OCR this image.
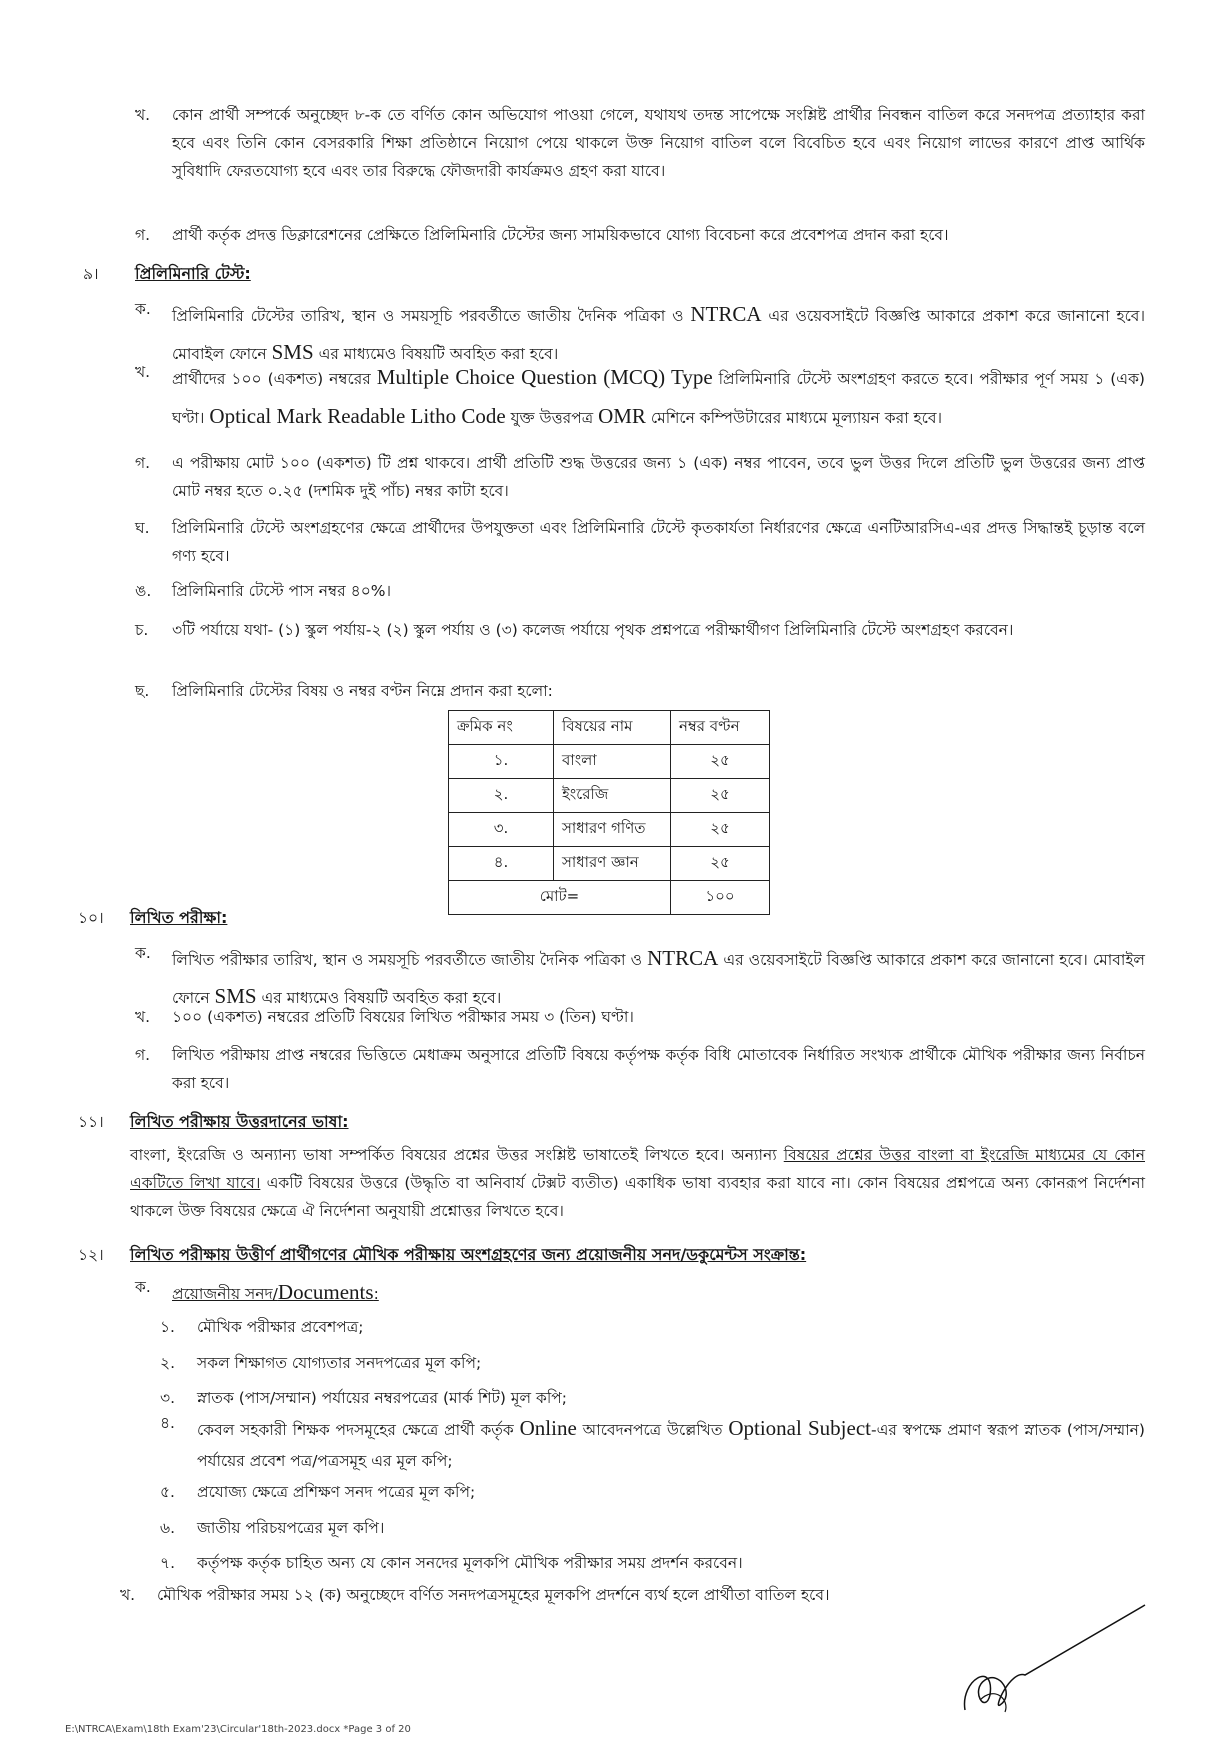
খ. কোন প্রার্থী সম্পর্কে অনুচ্ছেদ ৮-ক তে বর্ণিত কোন অভিযোগ পাওয়া গেলে, যথাযথ তদন্ত সাপেক্ষে সংশ্লিষ্ট প্রার্থীর নিবন্ধন বাতিল করে সনদপত্র প্রত্যাহার করা হবে এবং তিনি কোন বেসরকারি শিক্ষা প্রতিষ্ঠানে নিয়োগ পেয়ে থাকলে উক্ত নিয়োগ বাতিল বলে বিবেচিত হবে এবং নিয়োগ লাভের কারণে প্রাপ্ত আর্থিক সুবিধাদি ফেরতযোগ্য হবে এবং তার বিরুদ্ধে ফৌজদারী কার্যক্রমও গ্রহণ করা যাবে।
গ. প্রার্থী কর্তৃক প্রদত্ত ডিক্লারেশনের প্রেক্ষিতে প্রিলিমিনারি টেস্টের জন্য সাময়িকভাবে যোগ্য বিবেচনা করে প্রবেশপত্র প্রদান করা হবে।
৯। প্রিলিমিনারি টেস্ট:
ক. প্রিলিমিনারি টেস্টের তারিখ, স্থান ও সময়সূচি পরবর্তীতে জাতীয় দৈনিক পত্রিকা ও NTRCA এর ওয়েবসাইটে বিজ্ঞপ্তি আকারে প্রকাশ করে জানানো হবে। মোবাইল ফোনে SMS এর মাধ্যমেও বিষয়টি অবহিত করা হবে।
খ. প্রার্থীদের ১০০ (একশত) নম্বরের Multiple Choice Question (MCQ) Type প্রিলিমিনারি টেস্টে অংশগ্রহণ করতে হবে। পরীক্ষার পূর্ণ সময় ১ (এক) ঘণ্টা। Optical Mark Readable Litho Code যুক্ত উত্তরপত্র OMR মেশিনে কম্পিউটারের মাধ্যমে মূল্যায়ন করা হবে।
গ. এ পরীক্ষায় মোট ১০০ (একশত) টি প্রশ্ন থাকবে। প্রার্থী প্রতিটি শুদ্ধ উত্তরের জন্য ১ (এক) নম্বর পাবেন, তবে ভুল উত্তর দিলে প্রতিটি ভুল উত্তরের জন্য প্রাপ্ত মোট নম্বর হতে ০.২৫ (দশমিক দুই পাঁচ) নম্বর কাটা হবে।
ঘ. প্রিলিমিনারি টেস্টে অংশগ্রহণের ক্ষেত্রে প্রার্থীদের উপযুক্ততা এবং প্রিলিমিনারি টেস্টে কৃতকার্যতা নির্ধারণের ক্ষেত্রে এনটিআরসিএ-এর প্রদত্ত সিদ্ধান্তই চূড়ান্ত বলে গণ্য হবে।
ঙ. প্রিলিমিনারি টেস্টে পাস নম্বর ৪০%।
চ. ৩টি পর্যায়ে যথা- (১) স্কুল পর্যায়-২ (২) স্কুল পর্যায় ও (৩) কলেজ পর্যায়ে পৃথক প্রশ্নপত্রে পরীক্ষার্থীগণ প্রিলিমিনারি টেস্টে অংশগ্রহণ করবেন।
ছ. প্রিলিমিনারি টেস্টের বিষয় ও নম্বর বণ্টন নিম্নে প্রদান করা হলো:
ক্রমিক নং	বিষয়ের নাম	নম্বর বণ্টন
১.	বাংলা	২৫
২.	ইংরেজি	২৫
৩.	সাধারণ গণিত	২৫
৪.	সাধারণ জ্ঞান	২৫
মোট=		১০০
১০। লিখিত পরীক্ষা:
ক. লিখিত পরীক্ষার তারিখ, স্থান ও সময়সূচি পরবর্তীতে জাতীয় দৈনিক পত্রিকা ও NTRCA এর ওয়েবসাইটে বিজ্ঞপ্তি আকারে প্রকাশ করে জানানো হবে। মোবাইল ফোনে SMS এর মাধ্যমেও বিষয়টি অবহিত করা হবে।
খ. ১০০ (একশত) নম্বরের প্রতিটি বিষয়ের লিখিত পরীক্ষার সময় ৩ (তিন) ঘণ্টা।
গ. লিখিত পরীক্ষায় প্রাপ্ত নম্বরের ভিত্তিতে মেধাক্রম অনুসারে প্রতিটি বিষয়ে কর্তৃপক্ষ কর্তৃক বিধি মোতাবেক নির্ধারিত সংখ্যক প্রার্থীকে মৌখিক পরীক্ষার জন্য নির্বাচন করা হবে।
১১। লিখিত পরীক্ষায় উত্তরদানের ভাষা:
বাংলা, ইংরেজি ও অন্যান্য ভাষা সম্পর্কিত বিষয়ের প্রশ্নের উত্তর সংশ্লিষ্ট ভাষাতেই লিখতে হবে। অন্যান্য বিষয়ের প্রশ্নের উত্তর বাংলা বা ইংরেজি মাধ্যমের যে কোন একটিতে লিখা যাবে। একটি বিষয়ের উত্তরে (উদ্ধৃতি বা অনিবার্য টেক্সট ব্যতীত) একাধিক ভাষা ব্যবহার করা যাবে না। কোন বিষয়ের প্রশ্নপত্রে অন্য কোনরূপ নির্দেশনা থাকলে উক্ত বিষয়ের ক্ষেত্রে ঐ নির্দেশনা অনুযায়ী প্রশ্নোত্তর লিখতে হবে।
১২। লিখিত পরীক্ষায় উত্তীর্ণ প্রার্থীগণের মৌখিক পরীক্ষায় অংশগ্রহণের জন্য প্রয়োজনীয় সনদ/ডকুমেন্টস সংক্রান্ত:
ক. প্রয়োজনীয় সনদ/Documents:
১. মৌখিক পরীক্ষার প্রবেশপত্র;
২. সকল শিক্ষাগত যোগ্যতার সনদপত্রের মূল কপি;
৩. স্নাতক (পাস/সম্মান) পর্যায়ের নম্বরপত্রের (মার্ক শিট) মূল কপি;
৪. কেবল সহকারী শিক্ষক পদসমূহের ক্ষেত্রে প্রার্থী কর্তৃক Online আবেদনপত্রে উল্লেখিত Optional Subject-এর স্বপক্ষে প্রমাণ স্বরূপ স্নাতক (পাস/সম্মান) পর্যায়ের প্রবেশ পত্র/পত্রসমূহ এর মূল কপি;
৫. প্রযোজ্য ক্ষেত্রে প্রশিক্ষণ সনদ পত্রের মূল কপি;
৬. জাতীয় পরিচয়পত্রের মূল কপি।
৭. কর্তৃপক্ষ কর্তৃক চাহিত অন্য যে কোন সনদের মূলকপি মৌখিক পরীক্ষার সময় প্রদর্শন করবেন।
খ. মৌখিক পরীক্ষার সময় ১২ (ক) অনুচ্ছেদে বর্ণিত সনদপত্রসমূহের মূলকপি প্রদর্শনে ব্যর্থ হলে প্রার্থীতা বাতিল হবে।
E:\NTRCA\Exam\18th Exam'23\Circular'18th-2023.docx *Page 3 of 20
